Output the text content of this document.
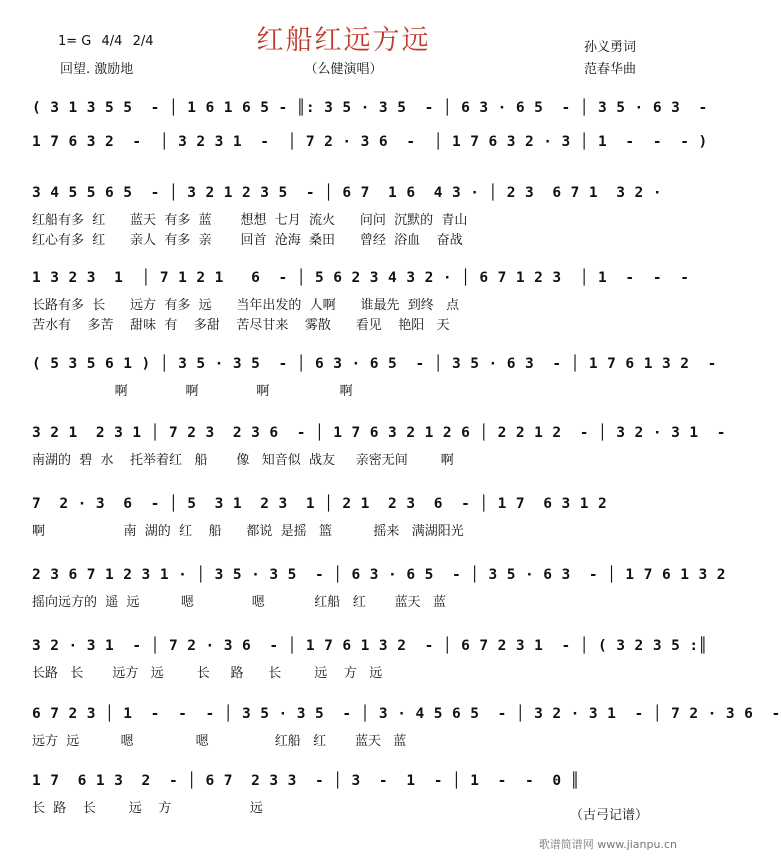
1= G 4/4 2/4
回望. 激励地
红船红远方远
（么健演唱）
孙义勇词
范春华曲
( 3 1 3 5 5  - │ 1 6 1 6 5 - ║: 3 5 · 3 5  - │ 6 3 · 6 5  - │ 3 5 · 6 3  -
1 7 6 3 2  -  │ 3 2 3 1  -  │ 7 2 · 3 6  -  │ 1 7 6 3 2 · 3 │ 1  -  -  - )
3 4 5 5 6 5  - │ 3 2 1 2 3 5  - │ 6 7  1 6  4 3 · │ 2 3  6 7 1  3 2 ·
红船有多  红      蓝天  有多  蓝       想想  七月  流火      问问  沉默的  青山
红心有多  红      亲人  有多  亲       回首  沧海  桑田      曾经  浴血    奋战
1 3 2 3  1  │ 7 1 2 1   6  - │ 5 6 2 3 4 3 2 · │ 6 7 1 2 3  │ 1  -  -  -
长路有多  长      远方  有多  远      当年出发的  人啊      谁最先  到终   点
苦水有    多苦    甜味  有    多甜    苦尽甘来    雾散      看见    艳阳   天
( 5 3 5 6 1 ) │ 3 5 · 3 5  - │ 6 3 · 6 5  - │ 3 5 · 6 3  - │ 1 7 6 1 3 2  -
啊              啊              啊                 啊
3 2 1  2 3 1 │ 7 2 3  2 3 6  - │ 1 7 6 3 2 1 2 6 │ 2 2 1 2  - │ 3 2 · 3 1  -
南湖的  碧  水    托举着红   船       像   知音似  战友     亲密无间        啊
7  2 · 3  6  - │ 5  3 1  2 3  1 │ 2 1  2 3  6  - │ 1 7  6 3 1 2
啊                   南  湖的  红    船      都说  是摇   篮          摇来   满湖阳光
2 3 6 7 1 2 3 1 · │ 3 5 · 3 5  - │ 6 3 · 6 5  - │ 3 5 · 6 3  - │ 1 7 6 1 3 2
摇向远方的  遥  远          嗯              嗯            红船   红       蓝天   蓝
3 2 · 3 1  - │ 7 2 · 3 6  - │ 1 7 6 1 3 2  - │ 6 7 2 3 1  - │ ( 3 2 3 5 :║
长路   长       远方   远        长     路      长        远    方   远
6 7 2 3 │ 1  -  -  - │ 3 5 · 3 5  - │ 3 · 4 5 6 5  - │ 3 2 · 3 1  - │ 7 2 · 3 6  -
远方  远          嗯               嗯                红船   红       蓝天   蓝
1 7  6 1 3  2  - │ 6 7  2 3 3  - │ 3  -  1  - │ 1  -  -  0 ║
长  路    长        远    方                   远	（古弓记谱）
歌谱简谱网 www.jianpu.cn
